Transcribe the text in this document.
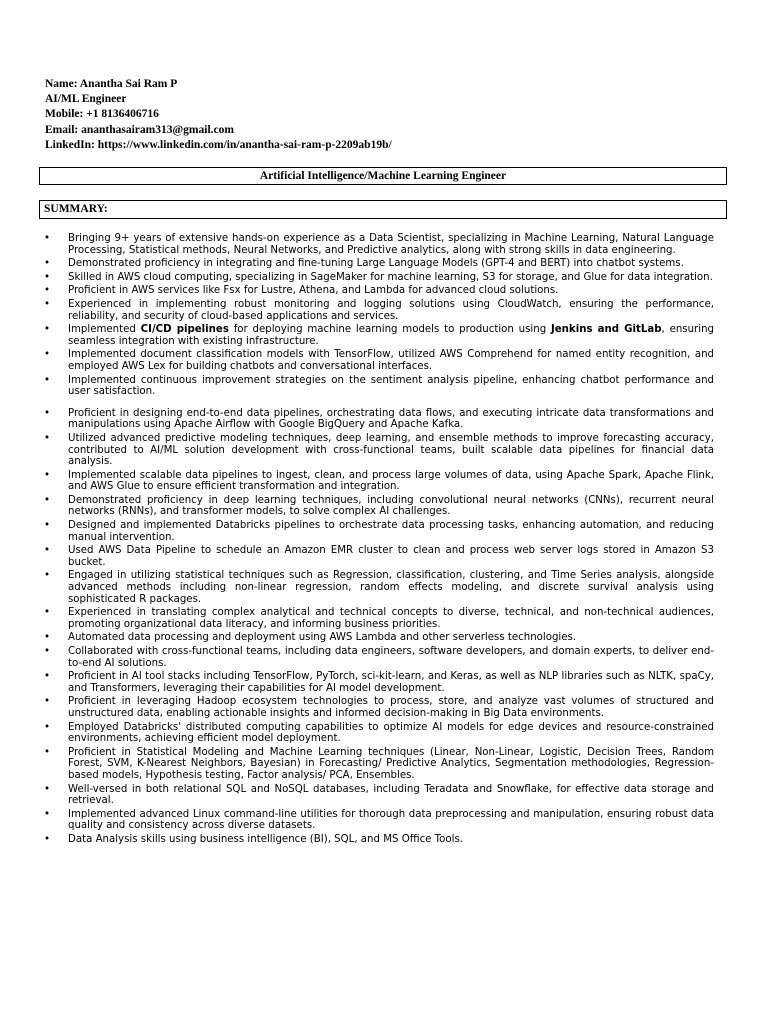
Name: Anantha Sai Ram P
AI/ML Engineer
Mobile: +1 8136406716
Email: ananthasairam313@gmail.com
LinkedIn: https://www.linkedin.com/in/anantha-sai-ram-p-2209ab19b/
Artificial Intelligence/Machine Learning Engineer
SUMMARY:
• Bringing 9+ years of extensive hands-on experience as a Data Scientist, specializing in Machine Learning, Natural Language Processing, Statistical methods, Neural Networks, and Predictive analytics, along with strong skills in data engineering.
• Demonstrated proficiency in integrating and fine-tuning Large Language Models (GPT-4 and BERT) into chatbot systems.
• Skilled in AWS cloud computing, specializing in SageMaker for machine learning, S3 for storage, and Glue for data integration.
• Proficient in AWS services like Fsx for Lustre, Athena, and Lambda for advanced cloud solutions.
• Experienced in implementing robust monitoring and logging solutions using CloudWatch, ensuring the performance, reliability, and security of cloud-based applications and services.
• Implemented CI/CD pipelines for deploying machine learning models to production using Jenkins and GitLab, ensuring seamless integration with existing infrastructure.
• Implemented document classification models with TensorFlow, utilized AWS Comprehend for named entity recognition, and employed AWS Lex for building chatbots and conversational interfaces.
• Implemented continuous improvement strategies on the sentiment analysis pipeline, enhancing chatbot performance and user satisfaction.
• Proficient in designing end-to-end data pipelines, orchestrating data flows, and executing intricate data transformations and manipulations using Apache Airflow with Google BigQuery and Apache Kafka.
• Utilized advanced predictive modeling techniques, deep learning, and ensemble methods to improve forecasting accuracy, contributed to AI/ML solution development with cross-functional teams, built scalable data pipelines for financial data analysis.
• Implemented scalable data pipelines to ingest, clean, and process large volumes of data, using Apache Spark, Apache Flink, and AWS Glue to ensure efficient transformation and integration.
• Demonstrated proficiency in deep learning techniques, including convolutional neural networks (CNNs), recurrent neural networks (RNNs), and transformer models, to solve complex AI challenges.
• Designed and implemented Databricks pipelines to orchestrate data processing tasks, enhancing automation, and reducing manual intervention.
• Used AWS Data Pipeline to schedule an Amazon EMR cluster to clean and process web server logs stored in Amazon S3 bucket.
• Engaged in utilizing statistical techniques such as Regression, classification, clustering, and Time Series analysis, alongside advanced methods including non-linear regression, random effects modeling, and discrete survival analysis using sophisticated R packages.
• Experienced in translating complex analytical and technical concepts to diverse, technical, and non-technical audiences, promoting organizational data literacy, and informing business priorities.
• Automated data processing and deployment using AWS Lambda and other serverless technologies.
• Collaborated with cross-functional teams, including data engineers, software developers, and domain experts, to deliver end-to-end AI solutions.
• Proficient in AI tool stacks including TensorFlow, PyTorch, sci-kit-learn, and Keras, as well as NLP libraries such as NLTK, spaCy, and Transformers, leveraging their capabilities for AI model development.
• Proficient in leveraging Hadoop ecosystem technologies to process, store, and analyze vast volumes of structured and unstructured data, enabling actionable insights and informed decision-making in Big Data environments.
• Employed Databricks' distributed computing capabilities to optimize AI models for edge devices and resource-constrained environments, achieving efficient model deployment.
• Proficient in Statistical Modeling and Machine Learning techniques (Linear, Non-Linear, Logistic, Decision Trees, Random Forest, SVM, K-Nearest Neighbors, Bayesian) in Forecasting/ Predictive Analytics, Segmentation methodologies, Regression-based models, Hypothesis testing, Factor analysis/ PCA, Ensembles.
• Well-versed in both relational SQL and NoSQL databases, including Teradata and Snowflake, for effective data storage and retrieval.
• Implemented advanced Linux command-line utilities for thorough data preprocessing and manipulation, ensuring robust data quality and consistency across diverse datasets.
• Data Analysis skills using business intelligence (BI), SQL, and MS Office Tools.
